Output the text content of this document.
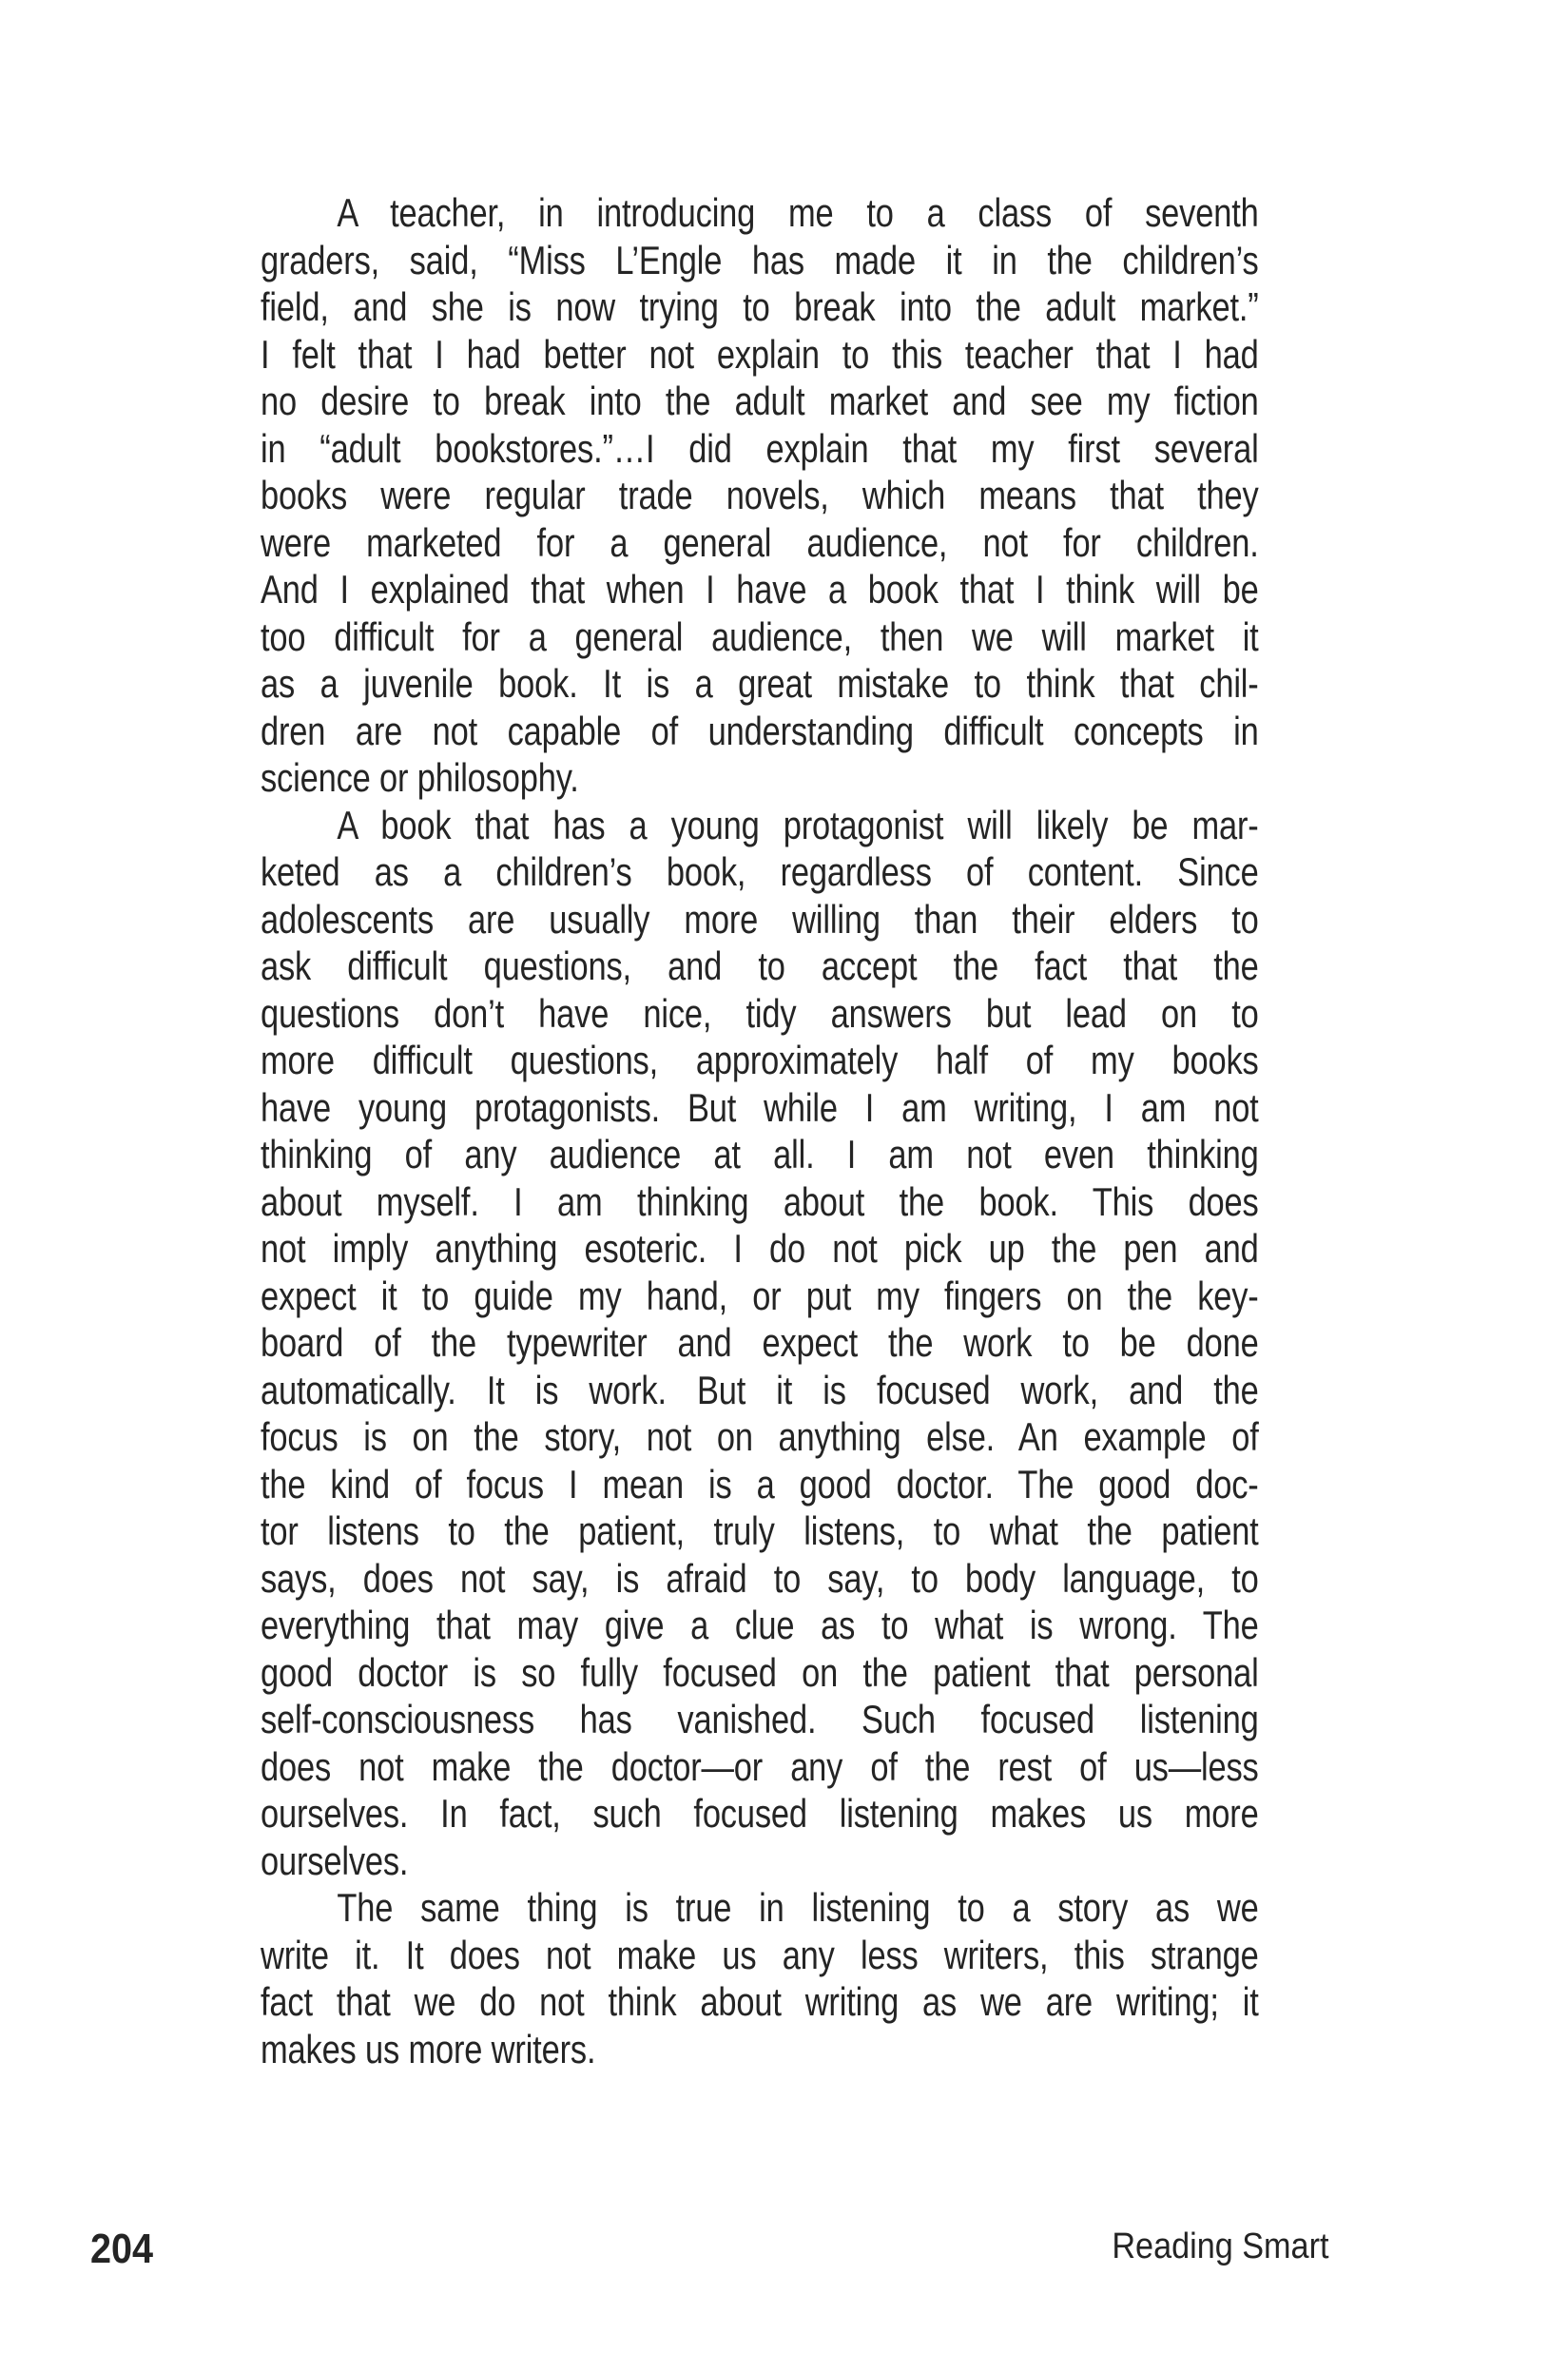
A teacher, in introducing me to a class of seventh
graders, said, “Miss L’Engle has made it in the children’s
field, and she is now trying to break into the adult market.”
I felt that I had better not explain to this teacher that I had
no desire to break into the adult market and see my fiction
in “adult bookstores.”…I did explain that my first several
books were regular trade novels, which means that they
were marketed for a general audience, not for children.
And I explained that when I have a book that I think will be
too difficult for a general audience, then we will market it
as a juvenile book. It is a great mistake to think that chil-
dren are not capable of understanding difficult concepts in
science or philosophy.
A book that has a young protagonist will likely be mar-
keted as a children’s book, regardless of content. Since
adolescents are usually more willing than their elders to
ask difficult questions, and to accept the fact that the
questions don’t have nice, tidy answers but lead on to
more difficult questions, approximately half of my books
have young protagonists. But while I am writing, I am not
thinking of any audience at all. I am not even thinking
about myself. I am thinking about the book. This does
not imply anything esoteric. I do not pick up the pen and
expect it to guide my hand, or put my fingers on the key-
board of the typewriter and expect the work to be done
automatically. It is work. But it is focused work, and the
focus is on the story, not on anything else. An example of
the kind of focus I mean is a good doctor. The good doc-
tor listens to the patient, truly listens, to what the patient
says, does not say, is afraid to say, to body language, to
everything that may give a clue as to what is wrong. The
good doctor is so fully focused on the patient that personal
self-consciousness has vanished. Such focused listening
does not make the doctor—or any of the rest of us—less
ourselves. In fact, such focused listening makes us more
ourselves.
The same thing is true in listening to a story as we
write it. It does not make us any less writers, this strange
fact that we do not think about writing as we are writing; it
makes us more writers.
204	Reading Smart
